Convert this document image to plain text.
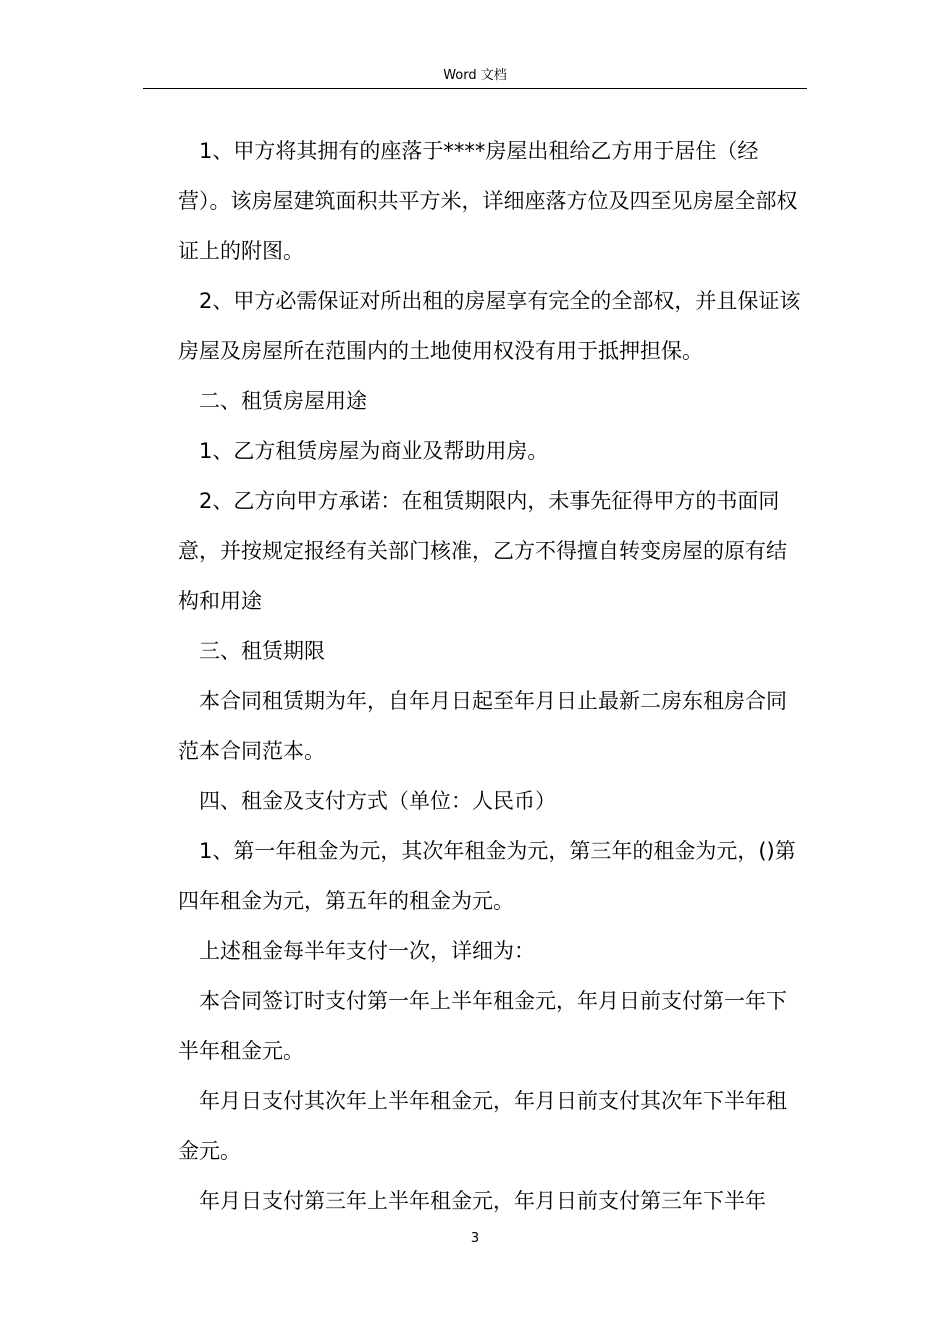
Word 文档

1、甲方将其拥有的座落于****房屋出租给乙方用于居住（经营）。该房屋建筑面积共平方米，详细座落方位及四至见房屋全部权证上的附图。

2、甲方必需保证对所出租的房屋享有完全的全部权，并且保证该房屋及房屋所在范围内的土地使用权没有用于抵押担保。

二、租赁房屋用途

1、乙方租赁房屋为商业及帮助用房。

2、乙方向甲方承诺：在租赁期限内，未事先征得甲方的书面同意，并按规定报经有关部门核准，乙方不得擅自转变房屋的原有结构和用途

三、租赁期限

本合同租赁期为年，自年月日起至年月日止最新二房东租房合同范本合同范本。

四、租金及支付方式（单位：人民币）

1、第一年租金为元，其次年租金为元，第三年的租金为元，()第四年租金为元，第五年的租金为元。

上述租金每半年支付一次，详细为：

本合同签订时支付第一年上半年租金元，年月日前支付第一年下半年租金元。

年月日支付其次年上半年租金元，年月日前支付其次年下半年租金元。

年月日支付第三年上半年租金元，年月日前支付第三年下半年

3
